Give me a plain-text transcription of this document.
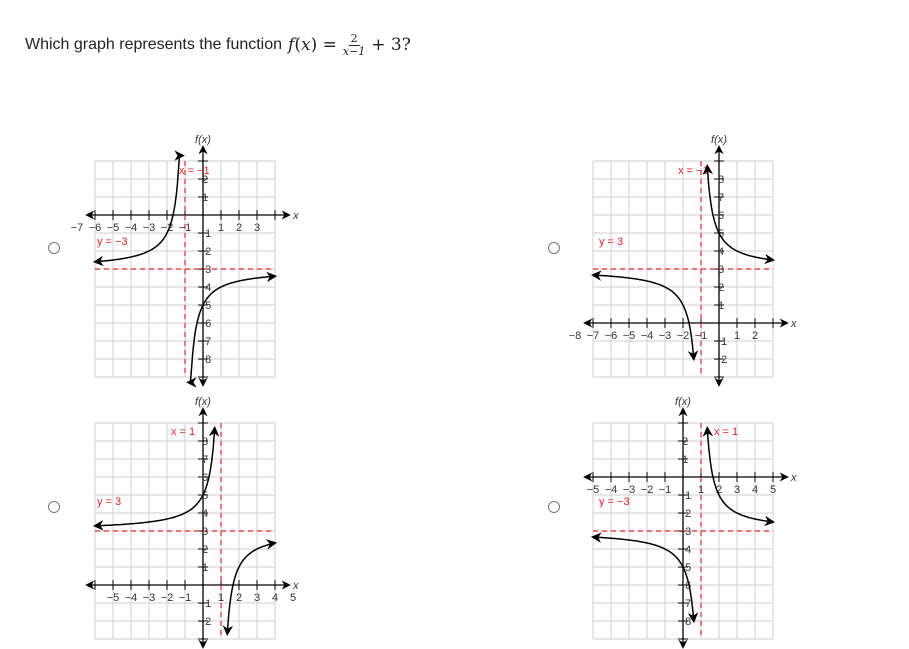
Which graph represents the function f ( x ) = $\frac{2}{x-1} + 3$?
−7 −6 −5 −4 −3 −2 −1 1 2 3
2
1
−1
−2
−3
−4
−5
−6
−7
−8
f(x)
x
x = −1
y = −3
−8 −7 −6 −5 −4 −3 −2 −1 1 2
8
7
6
5
4
3
2
1
−1
−2
f(x)
x
x = −1
y = 3
−5 −4 −3 −2 −1 1 2 3 4 5
8
7
6
5
4
3
2
1
−1
−2
f(x)
x
x = 1
y = 3
−5 −4 −3 −2 −1 1 2 3 4 5
2
1
−1
−2
−3
−4
−5
−6
−7
−8
f(x)
x
x = 1
y = −3
